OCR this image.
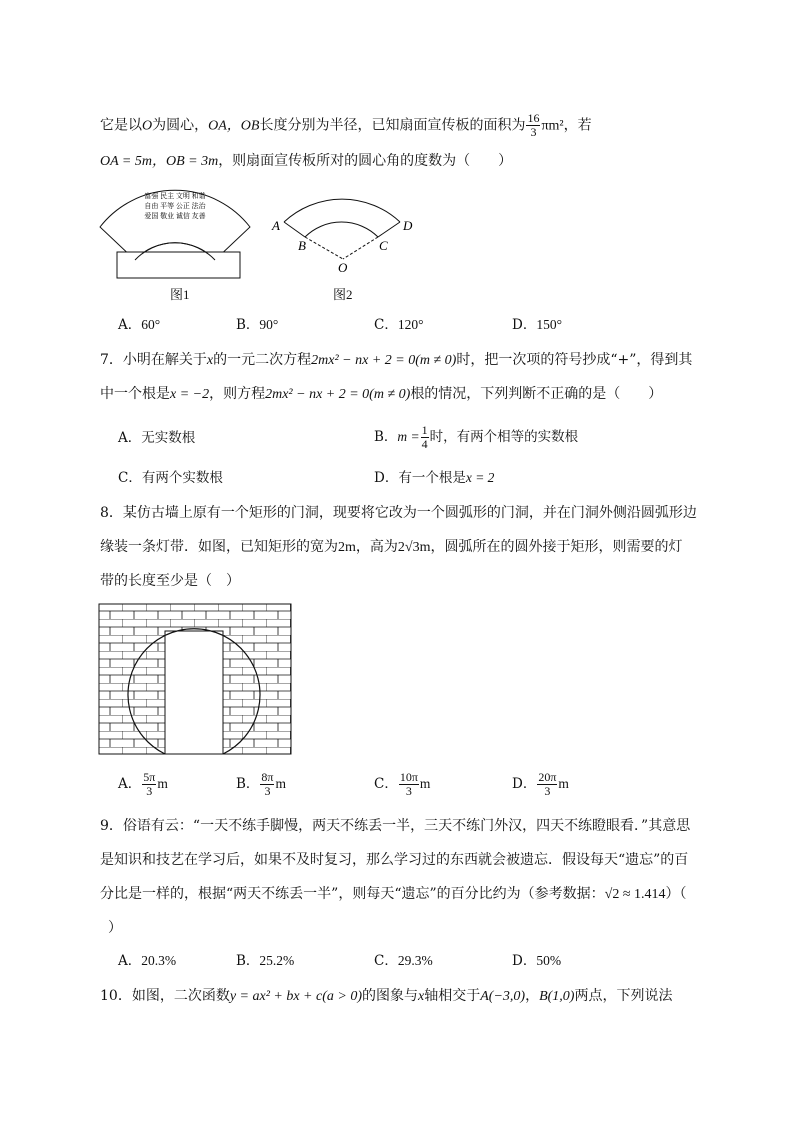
它是以O为圆心，OA，OB长度分别为半径，已知扇面宣传板的面积为 $\frac{16}{3} \pi m^2$，若
OA = 5m，OB = 3m，则扇面宣传板所对的圆心角的度数为（　　）
富强 民主 文明 和谐
自由 平等 公正 法治
爱国 敬业 诚信 友善
图1
A
B	C
D
O
图2
A．60°	B．90°	C．120°	D．150°
7．小明在解关于x的一元二次方程2mx² − nx + 2 = 0(m ≠ 0)时，把一次项的符号抄成“+”，得到其
中一个根是x = −2，则方程2mx² − nx + 2 = 0(m ≠ 0)根的情况，下列判断不正确的是（　　）
A．无实数根	B．$m = \frac{1}{4}$ 时，有两个相等的实数根
C．有两个实数根	D．有一个根是x = 2
8．某仿古墙上原有一个矩形的门洞，现要将它改为一个圆弧形的门洞，并在门洞外侧沿圆弧形边
缘装一条灯带．如图，已知矩形的宽为2m，高为2√3m，圆弧所在的圆外接于矩形，则需要的灯
带的长度至少是（　）
A． $\frac{5\pi}{3}$ m	B． $\frac{8\pi}{3}$ m	C． $\frac{10\pi}{3}$ m	D． $\frac{20\pi}{3}$ m
9．俗语有云：“一天不练手脚慢，两天不练丢一半，三天不练门外汉，四天不练瞪眼看．”其意思
是知识和技艺在学习后，如果不及时复习，那么学习过的东西就会被遗忘．假设每天“遗忘”的百
分比是一样的，根据“两天不练丢一半”，则每天“遗忘”的百分比约为（参考数据：√2 ≈ 1.414）（
）
A．20.3%	B．25.2%	C．29.3%	D．50%
10．如图，二次函数y = ax² + bx + c(a > 0)的图象与x轴相交于A(−3,0)，B(1,0)两点，下列说法
